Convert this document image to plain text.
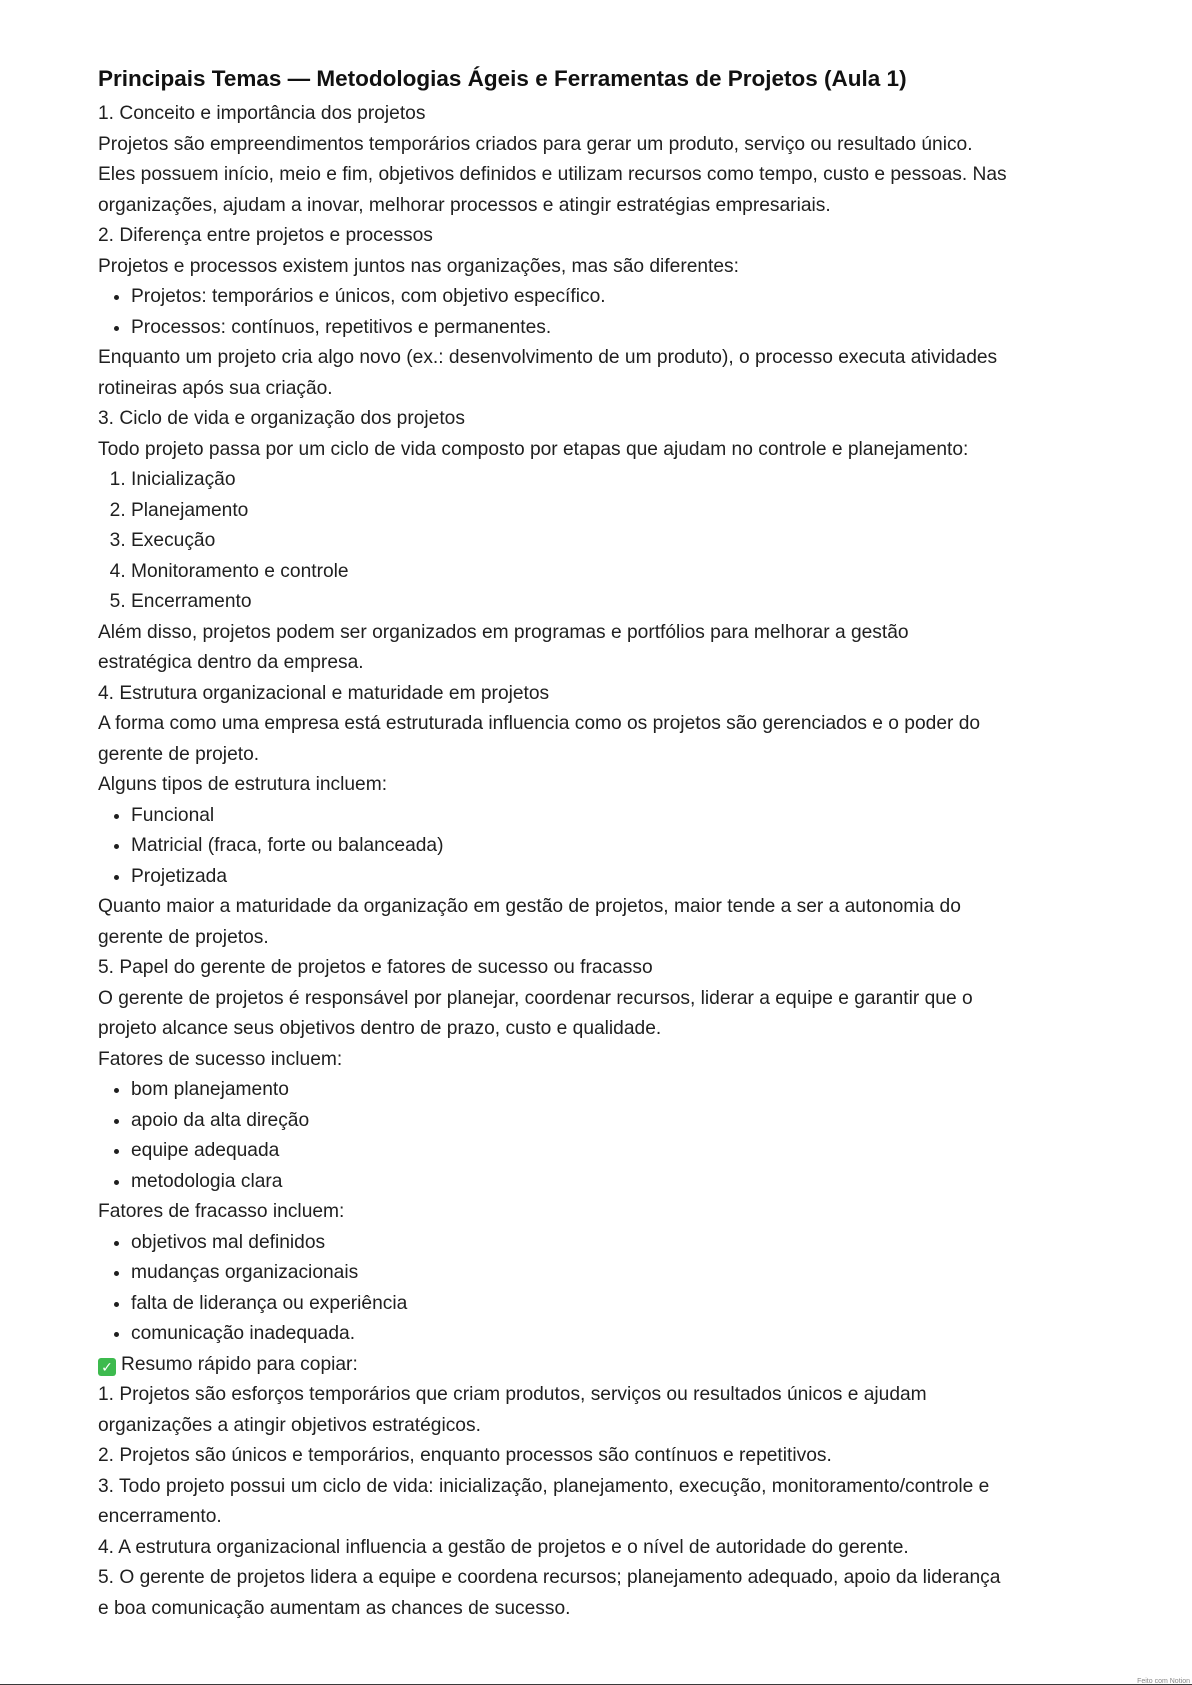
Principais Temas — Metodologias Ágeis e Ferramentas de Projetos (Aula 1)

1. Conceito e importância dos projetos

Projetos são empreendimentos temporários criados para gerar um produto, serviço ou resultado único.

Eles possuem início, meio e fim, objetivos definidos e utilizam recursos como tempo, custo e pessoas. Nas

organizações, ajudam a inovar, melhorar processos e atingir estratégias empresariais.

2. Diferença entre projetos e processos

Projetos e processos existem juntos nas organizações, mas são diferentes:

• Projetos: temporários e únicos, com objetivo específico.
• Processos: contínuos, repetitivos e permanentes.

Enquanto um projeto cria algo novo (ex.: desenvolvimento de um produto), o processo executa atividades

rotineiras após sua criação.

3. Ciclo de vida e organização dos projetos

Todo projeto passa por um ciclo de vida composto por etapas que ajudam no controle e planejamento:

1. Inicialização
2. Planejamento
3. Execução
4. Monitoramento e controle
5. Encerramento

Além disso, projetos podem ser organizados em programas e portfólios para melhorar a gestão

estratégica dentro da empresa.

4. Estrutura organizacional e maturidade em projetos

A forma como uma empresa está estruturada influencia como os projetos são gerenciados e o poder do

gerente de projeto.

Alguns tipos de estrutura incluem:

• Funcional
• Matricial (fraca, forte ou balanceada)
• Projetizada

Quanto maior a maturidade da organização em gestão de projetos, maior tende a ser a autonomia do

gerente de projetos.

5. Papel do gerente de projetos e fatores de sucesso ou fracasso

O gerente de projetos é responsável por planejar, coordenar recursos, liderar a equipe e garantir que o

projeto alcance seus objetivos dentro de prazo, custo e qualidade.

Fatores de sucesso incluem:

• bom planejamento
• apoio da alta direção
• equipe adequada
• metodologia clara

Fatores de fracasso incluem:

• objetivos mal definidos
• mudanças organizacionais
• falta de liderança ou experiência
• comunicação inadequada.

✓ Resumo rápido para copiar:

1. Projetos são esforços temporários que criam produtos, serviços ou resultados únicos e ajudam

organizações a atingir objetivos estratégicos.

2. Projetos são únicos e temporários, enquanto processos são contínuos e repetitivos.

3. Todo projeto possui um ciclo de vida: inicialização, planejamento, execução, monitoramento/controle e

encerramento.

4. A estrutura organizacional influencia a gestão de projetos e o nível de autoridade do gerente.

5. O gerente de projetos lidera a equipe e coordena recursos; planejamento adequado, apoio da liderança

e boa comunicação aumentam as chances de sucesso.

Feito com Notion
